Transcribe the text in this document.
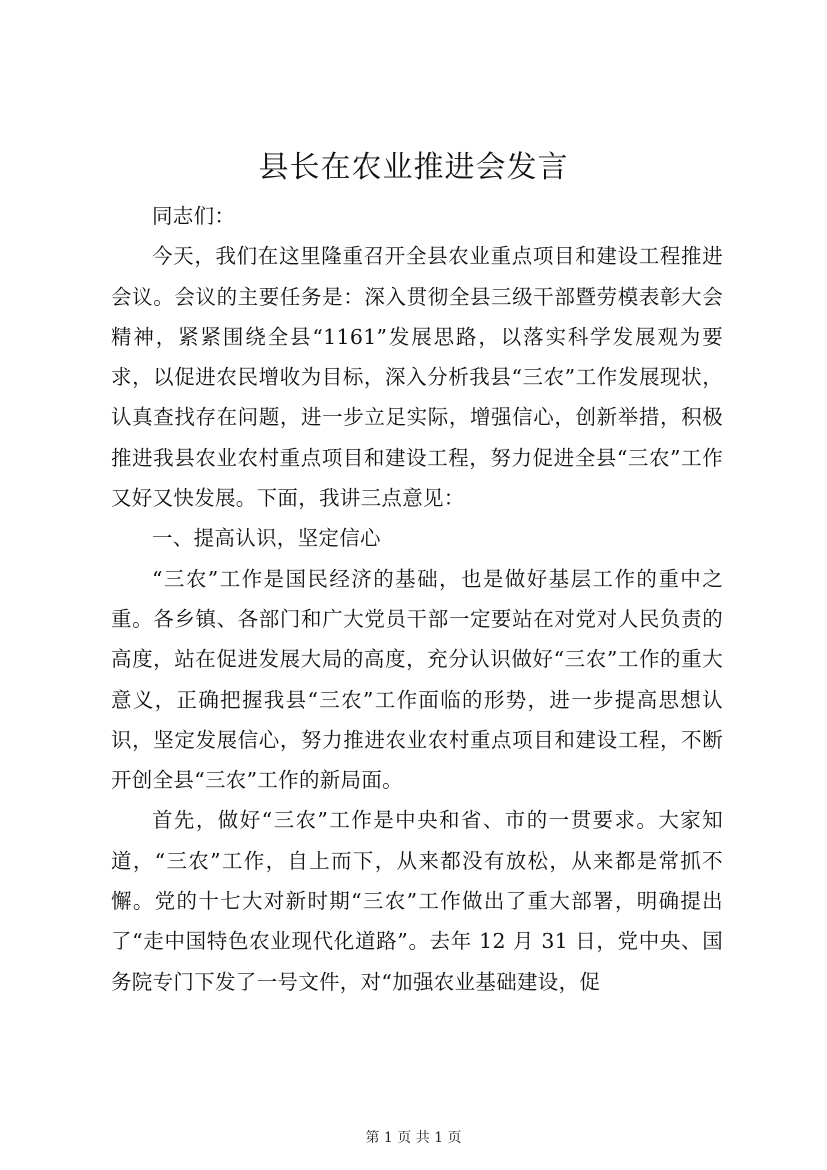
县长在农业推进会发言

同志们：

今天，我们在这里隆重召开全县农业重点项目和建设工程推进会议。会议的主要任务是：深入贯彻全县三级干部暨劳模表彰大会精神，紧紧围绕全县“1161”发展思路，以落实科学发展观为要求，以促进农民增收为目标，深入分析我县“三农”工作发展现状，认真查找存在问题，进一步立足实际，增强信心，创新举措，积极推进我县农业农村重点项目和建设工程，努力促进全县“三农”工作又好又快发展。下面，我讲三点意见：

一、提高认识，坚定信心

“三农”工作是国民经济的基础，也是做好基层工作的重中之重。各乡镇、各部门和广大党员干部一定要站在对党对人民负责的高度，站在促进发展大局的高度，充分认识做好“三农”工作的重大意义，正确把握我县“三农”工作面临的形势，进一步提高思想认识，坚定发展信心，努力推进农业农村重点项目和建设工程，不断开创全县“三农”工作的新局面。

首先，做好“三农”工作是中央和省、市的一贯要求。大家知道，“三农”工作，自上而下，从来都没有放松，从来都是常抓不懈。党的十七大对新时期“三农”工作做出了重大部署，明确提出了“走中国特色农业现代化道路”。去年 12 月 31 日，党中央、国务院专门下发了一号文件，对“加强农业基础建设，促

第 1 页 共 1 页
